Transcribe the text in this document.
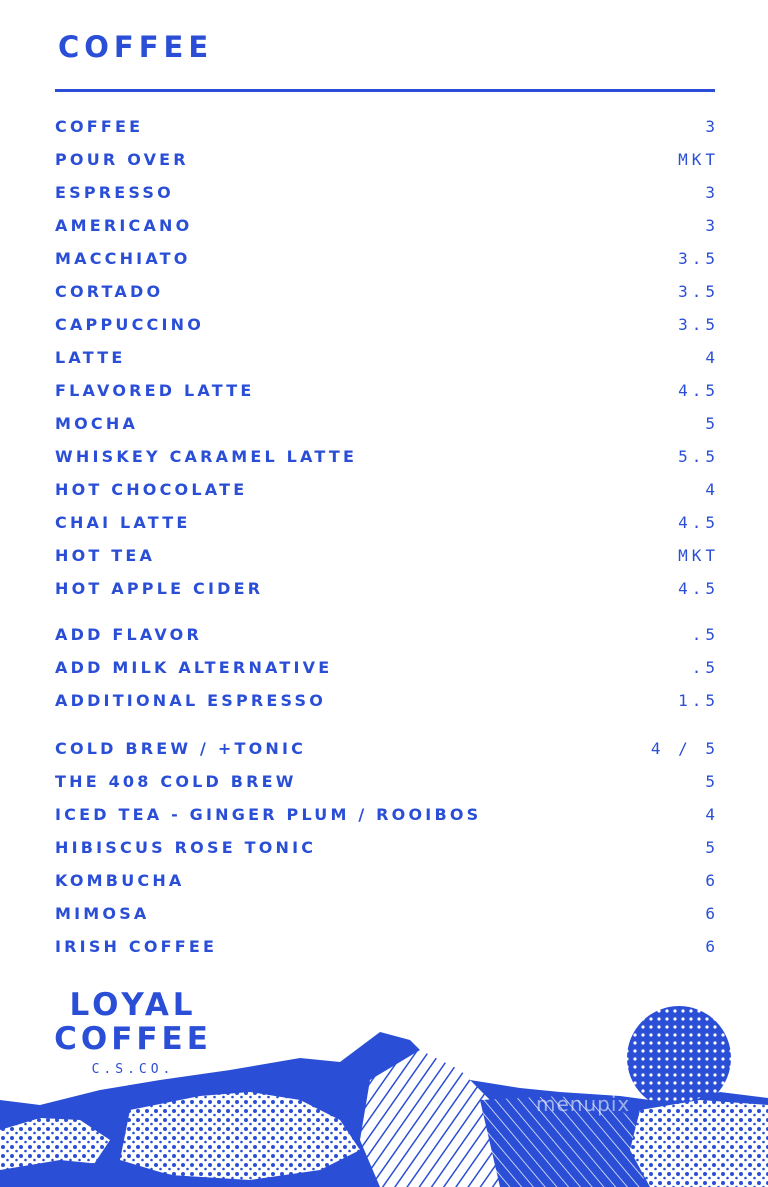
COFFEE
COFFEE	3
POUR OVER	MKT
ESPRESSO	3
AMERICANO	3
MACCHIATO	3.5
CORTADO	3.5
CAPPUCCINO	3.5
LATTE	4
FLAVORED LATTE	4.5
MOCHA	5
WHISKEY CARAMEL LATTE	5.5
HOT CHOCOLATE	4
CHAI LATTE	4.5
HOT TEA	MKT
HOT APPLE CIDER	4.5
ADD FLAVOR	.5
ADD MILK ALTERNATIVE	.5
ADDITIONAL ESPRESSO	1.5
COLD BREW / +TONIC	4 / 5
THE 408 COLD BREW	5
ICED TEA - GINGER PLUM / ROOIBOS	4
HIBISCUS ROSE TONIC	5
KOMBUCHA	6
MIMOSA	6
IRISH COFFEE	6
LOYAL
COFFEE
C.S.CO.
menupix
